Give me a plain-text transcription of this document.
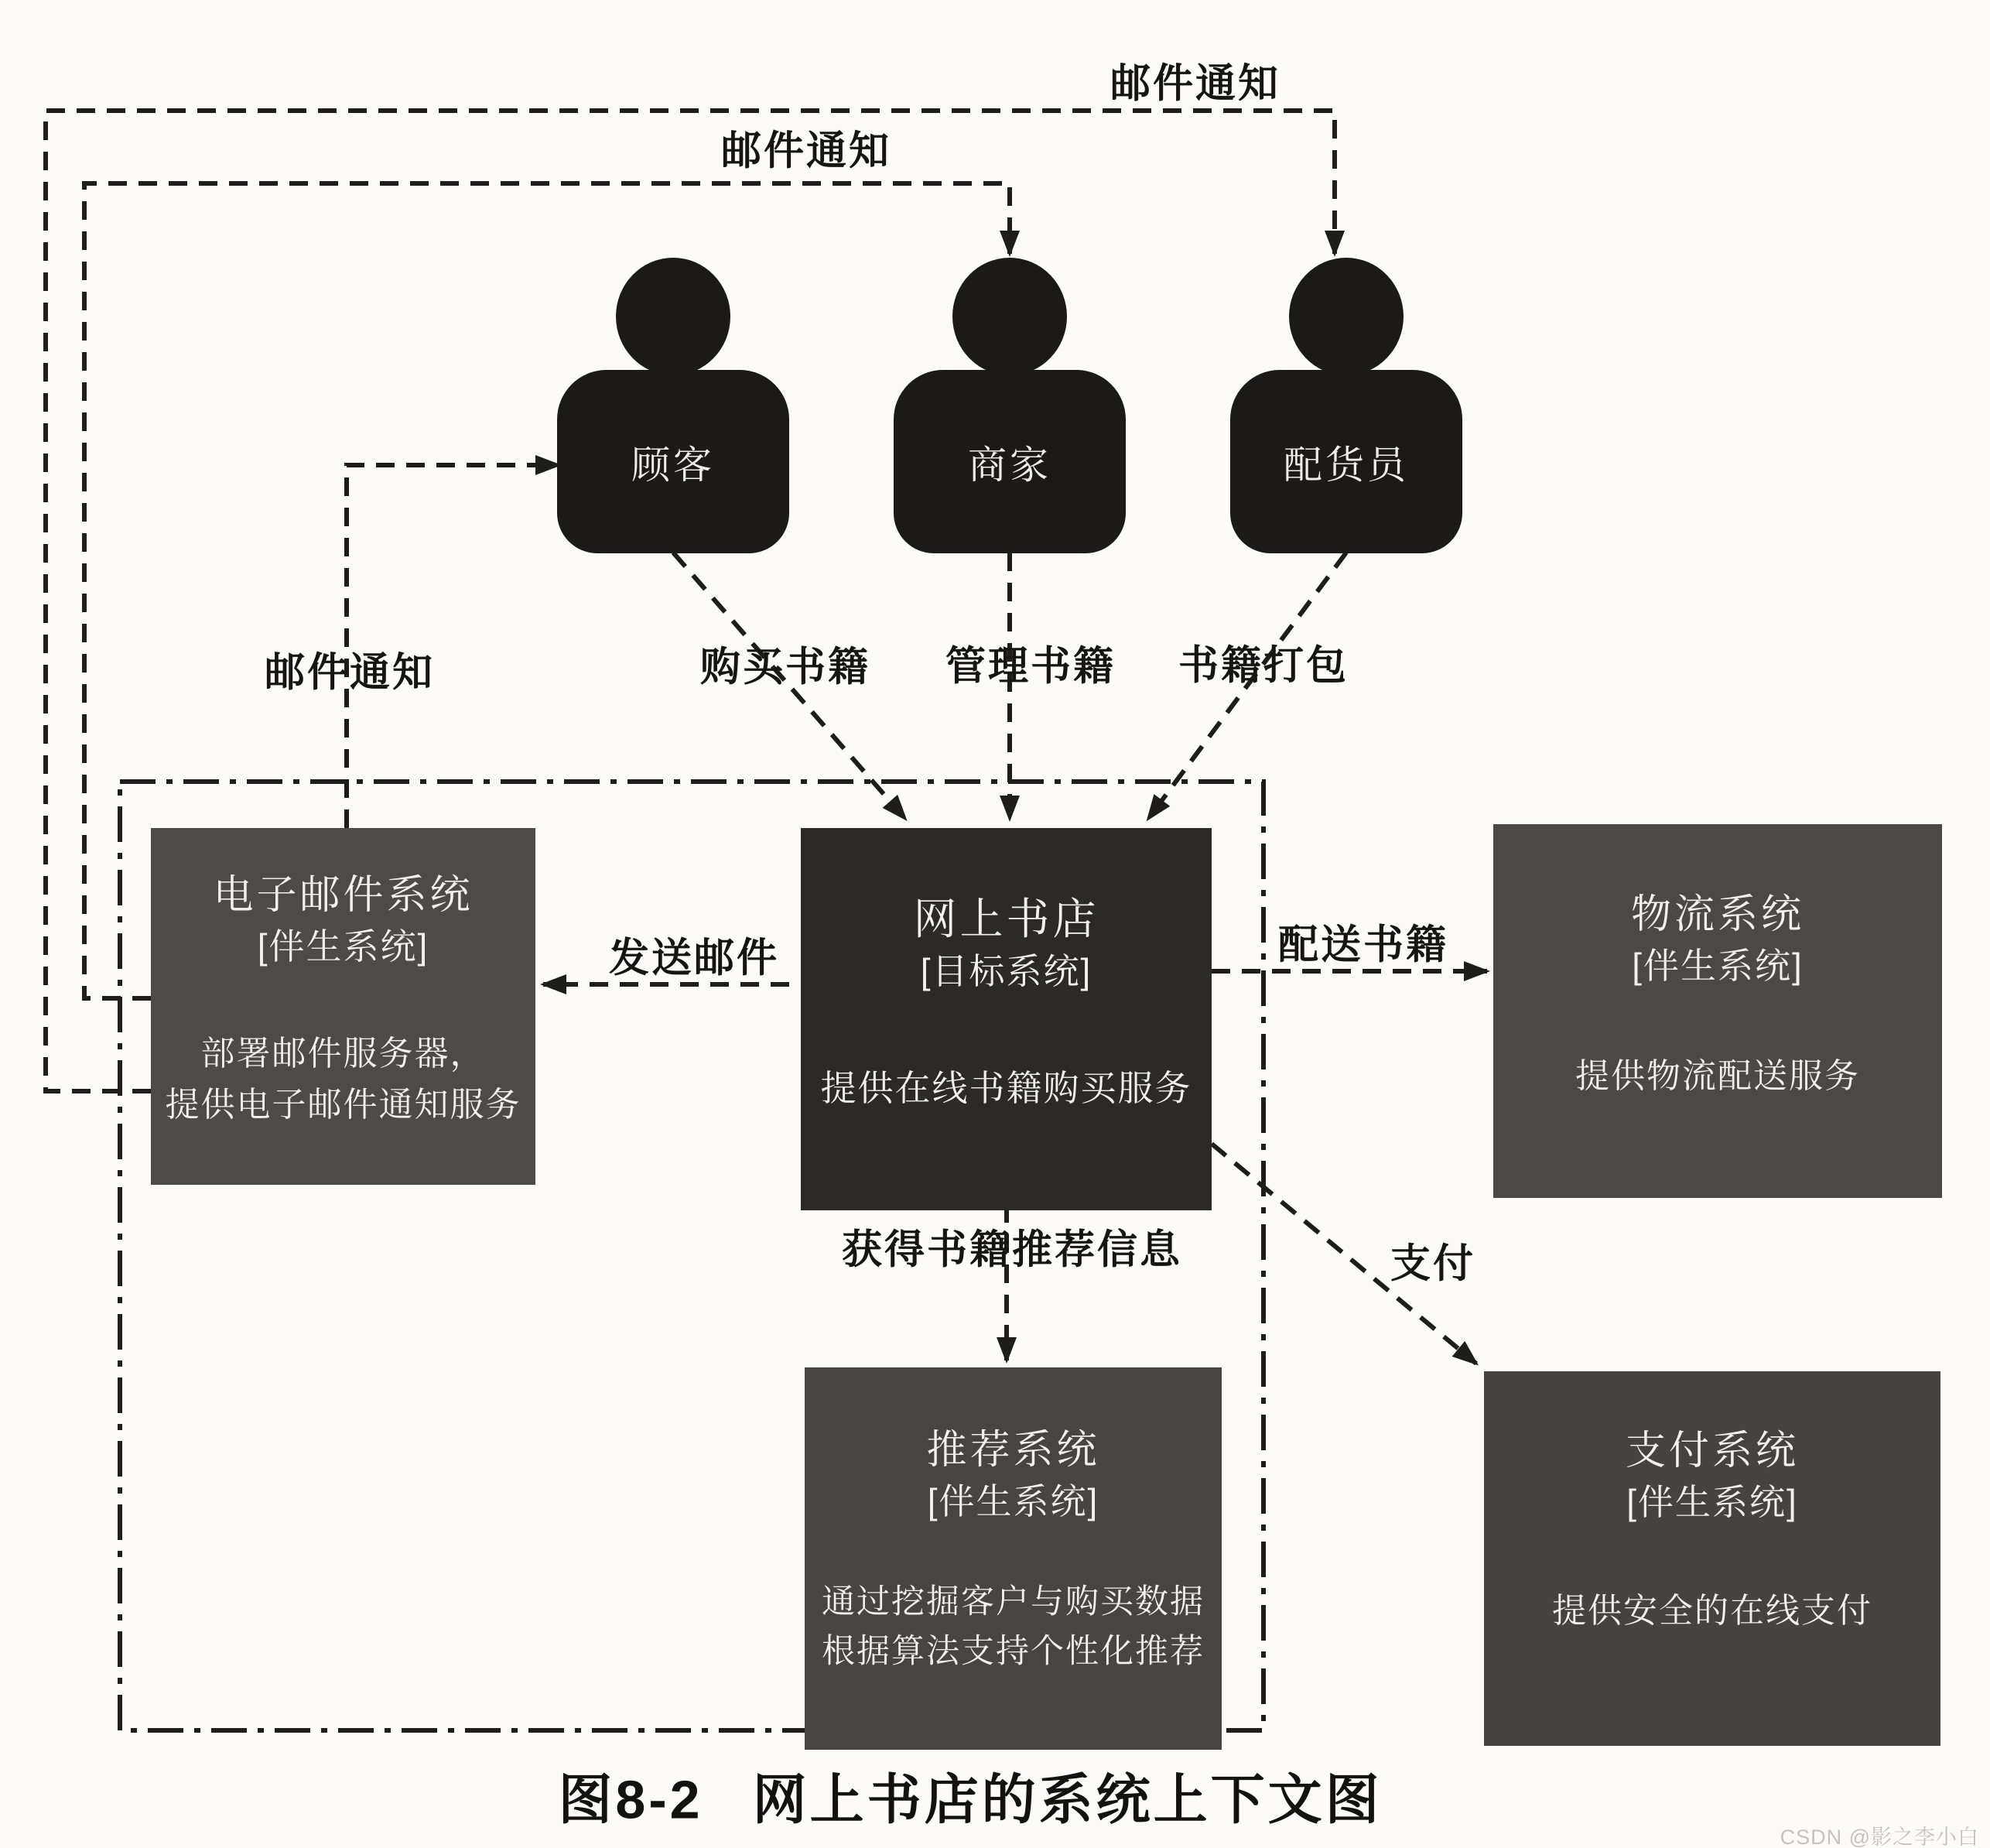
顾客	商家	配货员
电子邮件系统
[伴生系统]
部署邮件服务器，
提供电子邮件通知服务
网上书店
[目标系统]
提供在线书籍购买服务
物流系统
[伴生系统]
提供物流配送服务
推荐系统
[伴生系统]
通过挖掘客户与购买数据
根据算法支持个性化推荐
支付系统
[伴生系统]
提供安全的在线支付
邮件通知
邮件通知
邮件通知	购买书籍 管理书籍 书籍打包
发送邮件	配送书籍
获得书籍推荐信息	支付
图8-2 网上书店的系统上下文图
CSDN @影之李小白
